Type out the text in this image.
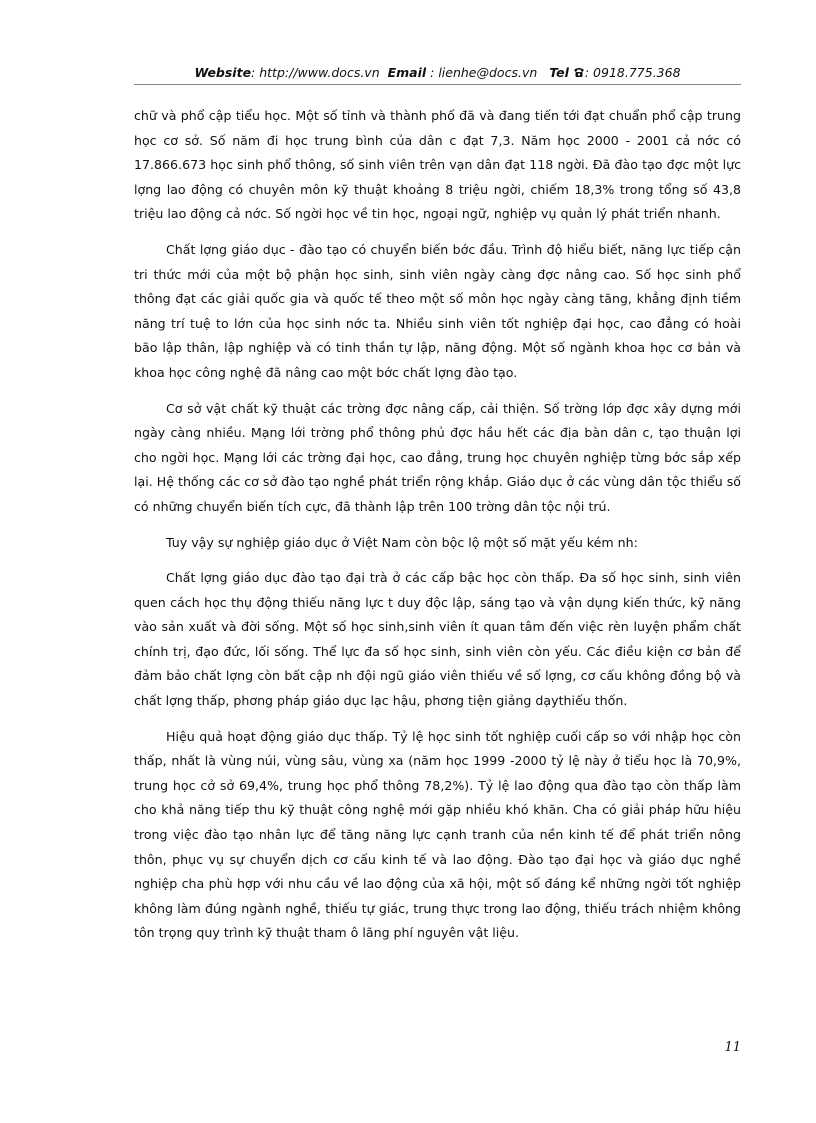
Website: http://www.docs.vn Email : lienhe@docs.vn Tel : 0918.775.368

chữ và phổ cập tiểu học. Một số tỉnh và thành phố đã và đang tiến tới đạt chuẩn phổ cập trung học cơ sở. Số năm đi học trung bình của dân c đạt 7,3. Năm học 2000 - 2001 cả nớc có 17.866.673 học sinh phổ thông, số sinh viên trên vạn dân đạt 118 ngời. Đã đào tạo đợc một lực lợng lao động có chuyên môn kỹ thuật khoảng 8 triệu ngời, chiếm 18,3% trong tổng số 43,8 triệu lao động cả nớc. Số ngời học về tin học, ngoại ngữ, nghiệp vụ quản lý phát triển nhanh.

Chất lợng giáo dục - đào tạo có chuyển biến bớc đầu. Trình độ hiểu biết, năng lực tiếp cận tri thức mới của một bộ phận học sinh, sinh viên ngày càng đợc nâng cao. Số học sinh phổ thông đạt các giải quốc gia và quốc tế theo một số môn học ngày càng tăng, khẳng định tiềm năng trí tuệ to lớn của học sinh nớc ta. Nhiều sinh viên tốt nghiệp đại học, cao đẳng có hoài bão lập thân, lập nghiệp và có tinh thần tự lập, năng động. Một số ngành khoa học cơ bản và khoa học công nghệ đã nâng cao một bớc chất lợng đào tạo.

Cơ sở vật chất kỹ thuật các trờng đợc nâng cấp, cải thiện. Số trờng lớp đợc xây dựng mới ngày càng nhiều. Mạng lới trờng phổ thông phủ đợc hầu hết các địa bàn dân c, tạo thuận lợi cho ngời học. Mạng lới các trờng đại học, cao đẳng, trung học chuyên nghiệp từng bớc sắp xếp lại. Hệ thống các cơ sở đào tạo nghề phát triển rộng khắp. Giáo dục ở các vùng dân tộc thiểu số có những chuyển biến tích cực, đã thành lập trên 100 trờng dân tộc nội trú.

Tuy vậy sự nghiệp giáo dục ở Việt Nam còn bộc lộ một số mặt yếu kém nh:

Chất lợng giáo dục đào tạo đại trà ở các cấp bậc học còn thấp. Đa số học sinh, sinh viên quen cách học thụ động thiếu năng lực t duy độc lập, sáng tạo và vận dụng kiến thức, kỹ năng vào sản xuất và đời sống. Một số học sinh,sinh viên ít quan tâm đến việc rèn luyện phẩm chất chính trị, đạo đức, lối sống. Thể lực đa số học sinh, sinh viên còn yếu. Các điều kiện cơ bản để đảm bảo chất lợng còn bất cập nh đội ngũ giáo viên thiếu về số lợng, cơ cấu không đồng bộ và chất lợng thấp, phơng pháp giáo dục lạc hậu, phơng tiện giảng dạythiếu thốn.

Hiệu quả hoạt động giáo dục thấp. Tỷ lệ học sinh tốt nghiệp cuối cấp so với nhập học còn thấp, nhất là vùng núi, vùng sâu, vùng xa (năm học 1999 -2000 tỷ lệ này ở tiểu học là 70,9%, trung học cở sở 69,4%, trung học phổ thông 78,2%). Tỷ lệ lao động qua đào tạo còn thấp làm cho khả năng tiếp thu kỹ thuật công nghệ mới gặp nhiều khó khăn. Cha có giải pháp hữu hiệu trong việc đào tạo nhân lực để tăng năng lực cạnh tranh của nền kinh tế để phát triển nông thôn, phục vụ sự chuyển dịch cơ cấu kinh tế và lao động. Đào tạo đại học và giáo dục nghề nghiệp cha phù hợp với nhu cầu về lao động của xã hội, một số đáng kể những ngời tốt nghiệp không làm đúng ngành nghề, thiếu tự giác, trung thực trong lao động, thiếu trách nhiệm không tôn trọng quy trình kỹ thuật tham ô lãng phí nguyên vật liệu.

11
